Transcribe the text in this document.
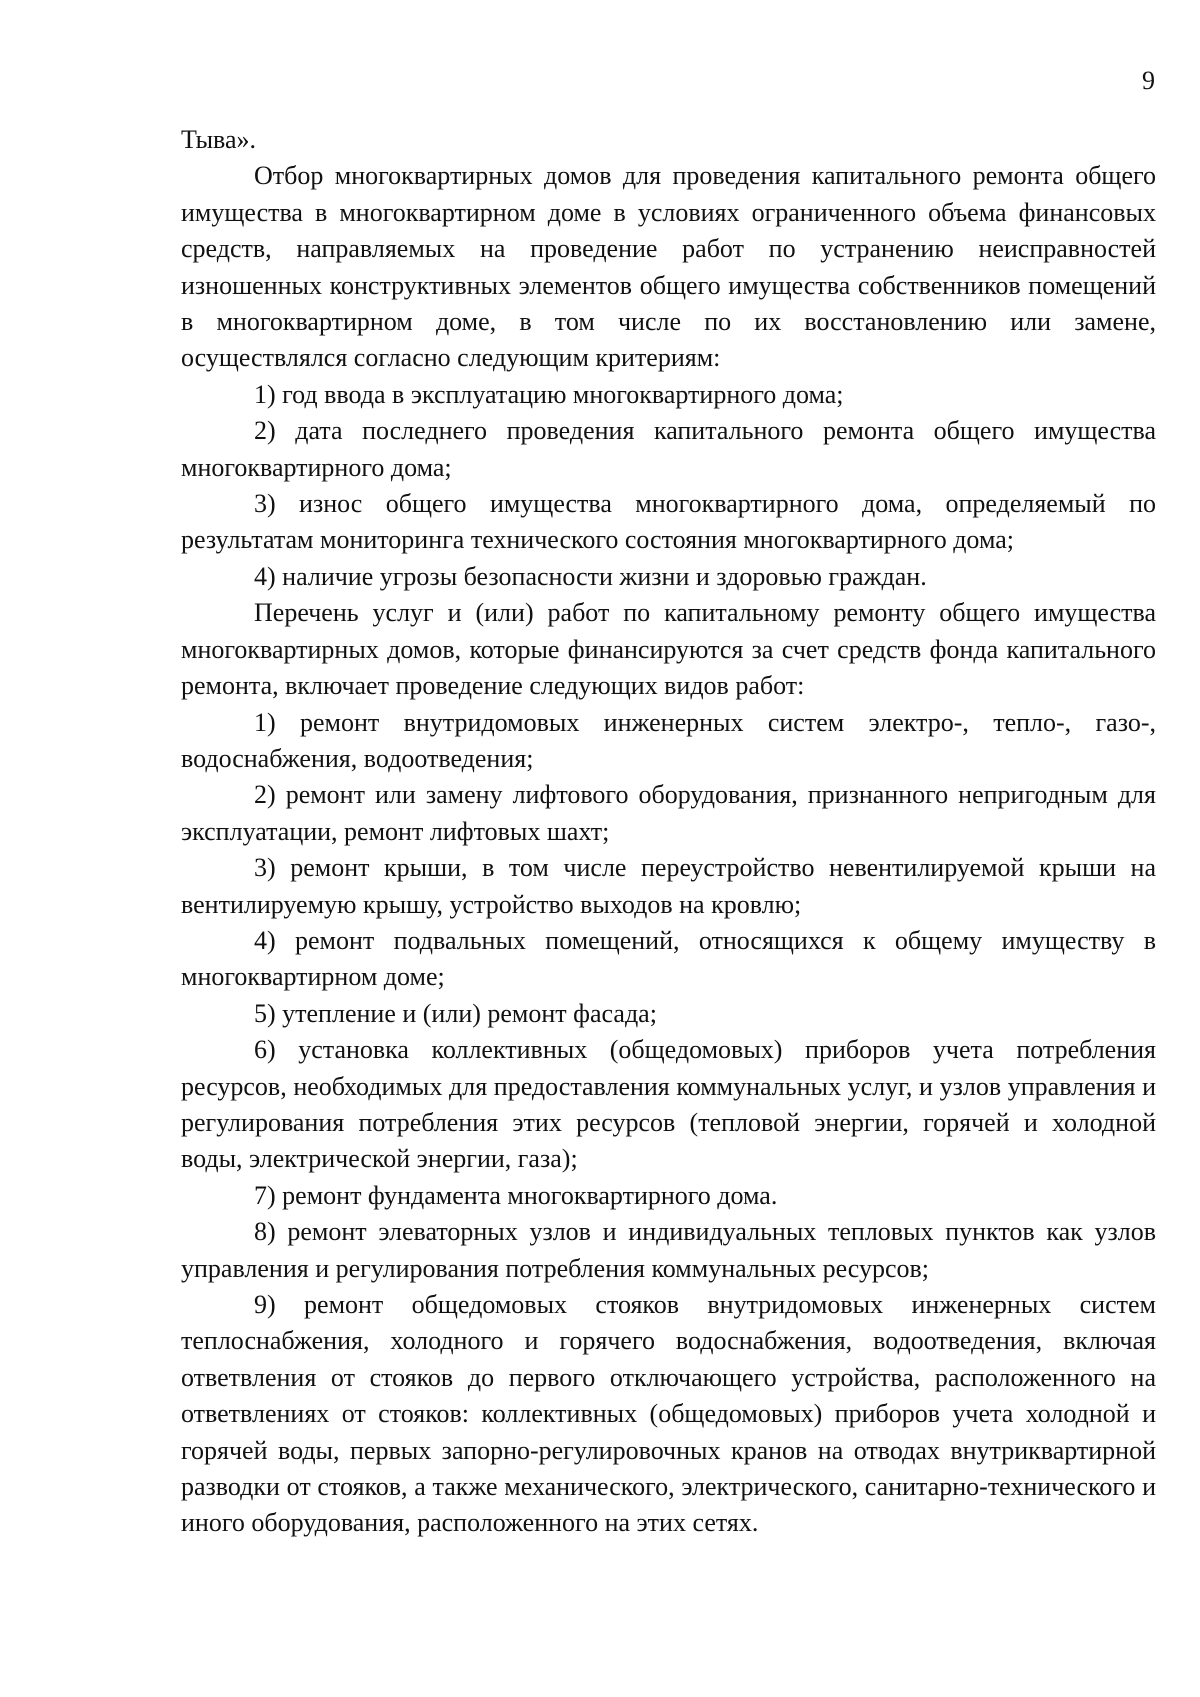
9

Тыва».

Отбор многоквартирных домов для проведения капитального ремонта общего имущества в многоквартирном доме в условиях ограниченного объема финансовых средств, направляемых на проведение работ по устранению неисправностей изношенных конструктивных элементов общего имущества собственников помещений в многоквартирном доме, в том числе по их восстановлению или замене, осуществлялся согласно следующим критериям:

1) год ввода в эксплуатацию многоквартирного дома;

2) дата последнего проведения капитального ремонта общего имущества многоквартирного дома;

3) износ общего имущества многоквартирного дома, определяемый по результатам мониторинга технического состояния многоквартирного дома;

4) наличие угрозы безопасности жизни и здоровью граждан.

Перечень услуг и (или) работ по капитальному ремонту общего имущества многоквартирных домов, которые финансируются за счет средств фонда капитального ремонта, включает проведение следующих видов работ:

1) ремонт внутридомовых инженерных систем электро-, тепло-, газо-, водоснабжения, водоотведения;

2) ремонт или замену лифтового оборудования, признанного непригодным для эксплуатации, ремонт лифтовых шахт;

3) ремонт крыши, в том числе переустройство невентилируемой крыши на вентилируемую крышу, устройство выходов на кровлю;

4) ремонт подвальных помещений, относящихся к общему имуществу в многоквартирном доме;

5) утепление и (или) ремонт фасада;

6) установка коллективных (общедомовых) приборов учета потребления ресурсов, необходимых для предоставления коммунальных услуг, и узлов управления и регулирования потребления этих ресурсов (тепловой энергии, горячей и холодной воды, электрической энергии, газа);

7) ремонт фундамента многоквартирного дома.

8) ремонт элеваторных узлов и индивидуальных тепловых пунктов как узлов управления и регулирования потребления коммунальных ресурсов;

9) ремонт общедомовых стояков внутридомовых инженерных систем теплоснабжения, холодного и горячего водоснабжения, водоотведения, включая ответвления от стояков до первого отключающего устройства, расположенного на ответвлениях от стояков: коллективных (общедомовых) приборов учета холодной и горячей воды, первых запорно-регулировочных кранов на отводах внутриквартирной разводки от стояков, а также механического, электрического, санитарно-технического и иного оборудования, расположенного на этих сетях.
